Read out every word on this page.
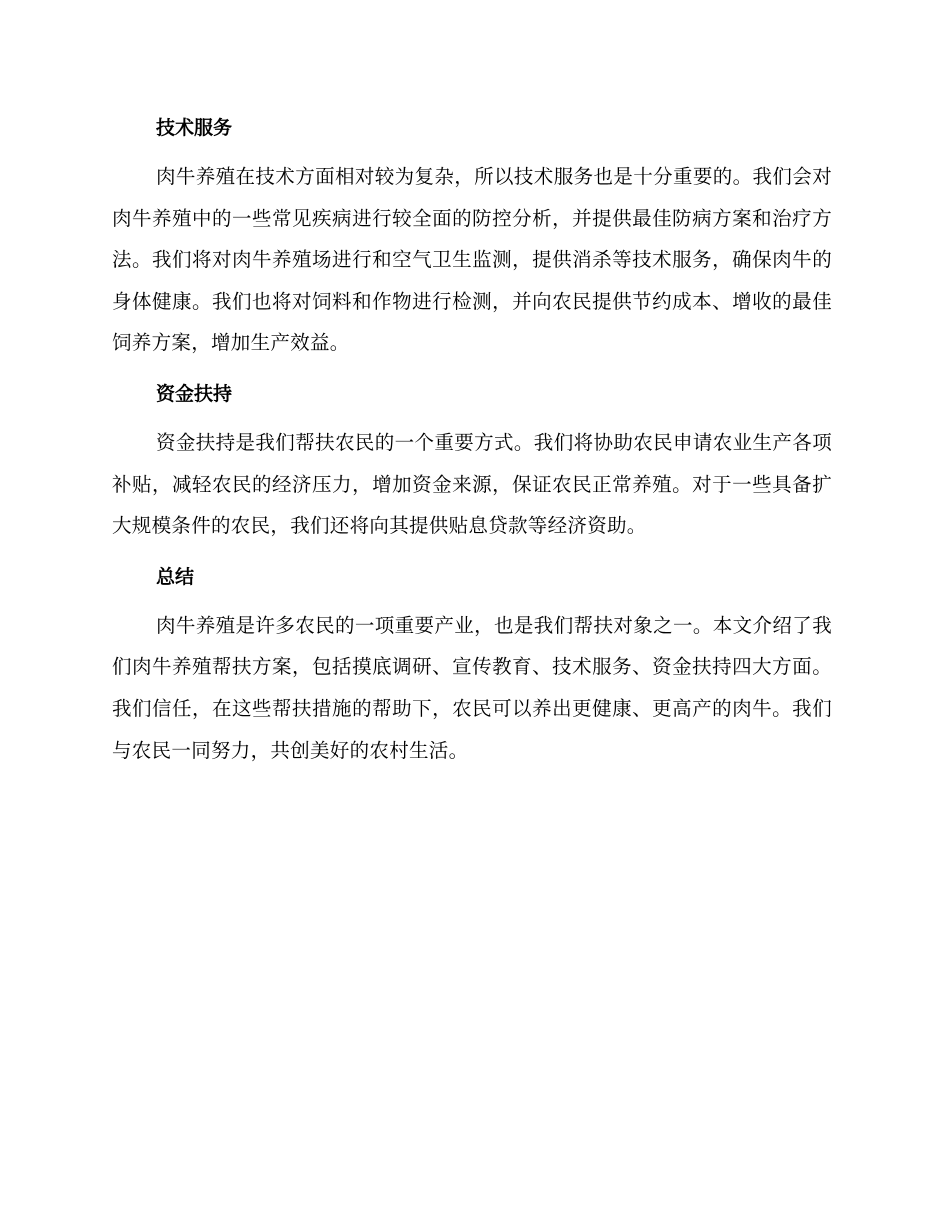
技术服务

肉牛养殖在技术方面相对较为复杂，所以技术服务也是十分重要的。我们会对肉牛养殖中的一些常见疾病进行较全面的防控分析，并提供最佳防病方案和治疗方法。我们将对肉牛养殖场进行和空气卫生监测，提供消杀等技术服务，确保肉牛的身体健康。我们也将对饲料和作物进行检测，并向农民提供节约成本、增收的最佳饲养方案，增加生产效益。

资金扶持

资金扶持是我们帮扶农民的一个重要方式。我们将协助农民申请农业生产各项补贴，减轻农民的经济压力，增加资金来源，保证农民正常养殖。对于一些具备扩大规模条件的农民，我们还将向其提供贴息贷款等经济资助。

总结

肉牛养殖是许多农民的一项重要产业，也是我们帮扶对象之一。本文介绍了我们肉牛养殖帮扶方案，包括摸底调研、宣传教育、技术服务、资金扶持四大方面。我们信任，在这些帮扶措施的帮助下，农民可以养出更健康、更高产的肉牛。我们与农民一同努力，共创美好的农村生活。
